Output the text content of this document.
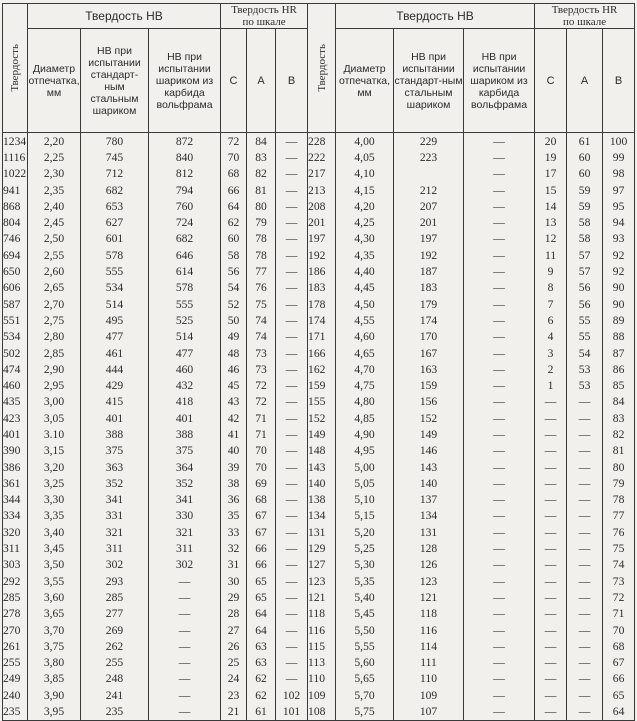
Твердость	Твердость HB			Твердость HR
по шкале			Твердость	Твердость HB			Твердость HR
по шкале		
	Диаметр отпечатка, мм	HB при испытании стандарт-ным стальным шариком	HB при испытании шариком из карбида вольфрама	C	A	B		Диаметр отпечатка, мм	HB при испытании стандарт-ным стальным шариком	HB при испытании шариком из карбида вольфрама	C	A	B

1234	2,20	780	872	72	84	—	228	4,00	229	—	20	61	100
1116	2,25	745	840	70	83	—	222	4,05	223	—	19	60	99
1022	2,30	712	812	68	82	—	217	4,10		—	17	60	98
941	2,35	682	794	66	81	—	213	4,15	212	—	15	59	97
868	2,40	653	760	64	80	—	208	4,20	207	—	14	59	95
804	2,45	627	724	62	79	—	201	4,25	201	—	13	58	94
746	2,50	601	682	60	78	—	197	4,30	197	—	12	58	93
694	2,55	578	646	58	78	—	192	4,35	192	—	11	57	92
650	2,60	555	614	56	77	—	186	4,40	187	—	9	57	92
606	2,65	534	578	54	76	—	183	4,45	183	—	8	56	90
587	2,70	514	555	52	75	—	178	4,50	179	—	7	56	90
551	2,75	495	525	50	74	—	174	4,55	174	—	6	55	89
534	2,80	477	514	49	74	—	171	4,60	170	—	4	55	88
502	2,85	461	477	48	73	—	166	4,65	167	—	3	54	87
474	2,90	444	460	46	73	—	162	4,70	163	—	2	53	86
460	2,95	429	432	45	72	—	159	4,75	159	—	1	53	85
435	3,00	415	418	43	72	—	155	4,80	156	—	—	—	84
423	3,05	401	401	42	71	—	152	4,85	152	—	—	—	83
401	3.10	388	388	41	71	—	149	4,90	149	—	—	—	82
390	3,15	375	375	40	70	—	148	4,95	146	—	—	—	81
386	3,20	363	364	39	70	—	143	5,00	143	—	—	—	80
361	3,25	352	352	38	69	—	140	5,05	140	—	—	—	79
344	3,30	341	341	36	68	—	138	5,10	137	—	—	—	78
334	3,35	331	330	35	67	—	134	5,15	134	—	—	—	77
320	3,40	321	321	33	67	—	131	5,20	131	—	—	—	76
311	3,45	311	311	32	66	—	129	5,25	128	—	—	—	75
303	3,50	302	302	31	66	—	127	5,30	126	—	—	—	74
292	3,55	293	—	30	65	—	123	5,35	123	—	—	—	73
285	3,60	285	—	29	65	—	121	5,40	121	—	—	—	72
278	3,65	277	—	28	64	—	118	5,45	118	—	—	—	71
270	3,70	269	—	27	64	—	116	5,50	116	—	—	—	70
261	3,75	262	—	26	63	—	115	5,55	114	—	—	—	68
255	3,80	255	—	25	63	—	113	5,60	111	—	—	—	67
249	3,85	248	—	24	62	—	110	5,65	110	—	—	—	66
240	3,90	241	—	23	62	102	109	5,70	109	—	—	—	65
235	3,95	235	—	21	61	101	108	5,75	107	—	—	—	64
